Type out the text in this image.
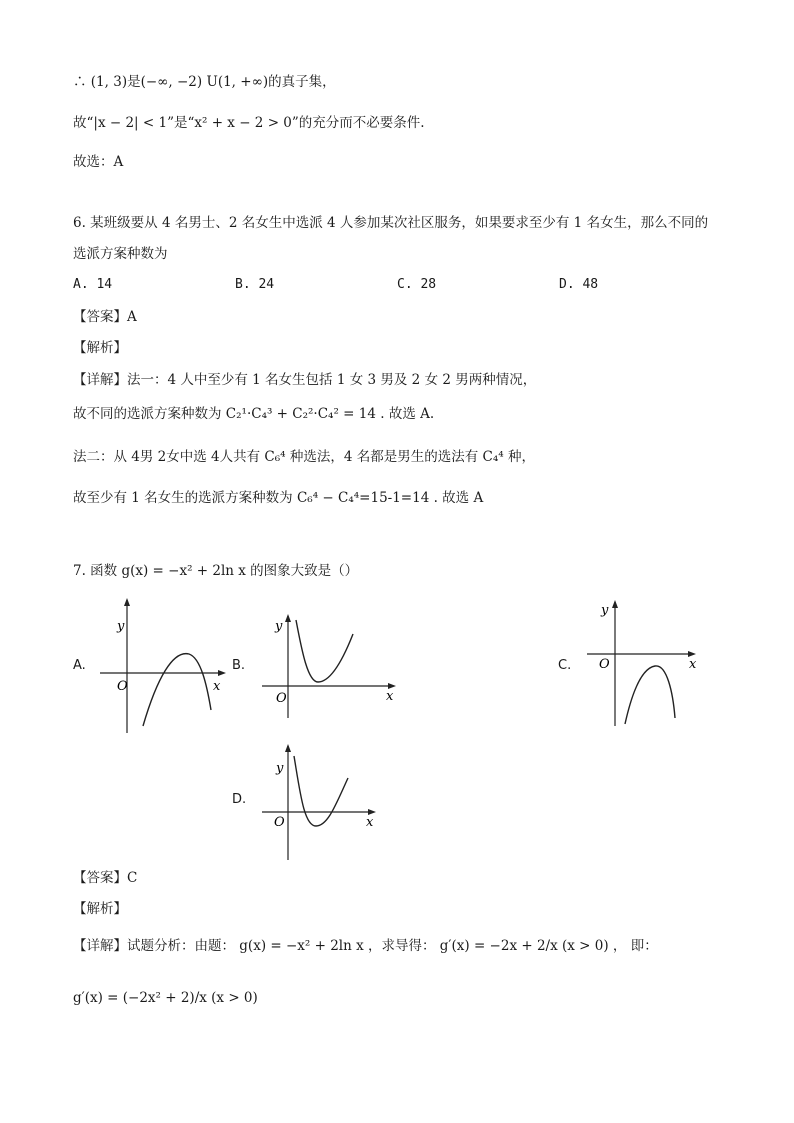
∴ (1, 3)是(−∞, −2) U(1, +∞)的真子集，
故“|x − 2| < 1”是“x² + x − 2 > 0”的充分而不必要条件.
故选：A
6. 某班级要从 4 名男士、2 名女生中选派 4 人参加某次社区服务，如果要求至少有 1 名女生，那么不同的
选派方案种数为
A. 14	B. 24	C. 28	D. 48
【答案】A
【解析】
【详解】法一：4 人中至少有 1 名女生包括 1 女 3 男及 2 女 2 男两种情况，
故不同的选派方案种数为 C₂¹·C₄³ + C₂²·C₄² = 14 . 故选 A.
法二：从 4男 2女中选 4人共有 C₆⁴ 种选法，4 名都是男生的选法有 C₄⁴ 种，
故至少有 1 名女生的选派方案种数为 C₆⁴ − C₄⁴=15-1=14 . 故选 A
7. 函数 g(x) = −x² + 2ln x 的图象大致是（）
A.
y
O	x
B.
y
O	x
C.
y
O	x
D.
y
O	x
【答案】C
【解析】
【详解】试题分析：由题： g(x) = −x² + 2ln x ，求导得： g′(x) = −2x + 2/x (x > 0) ， 即：
g′(x) = (−2x² + 2)/x (x > 0)
